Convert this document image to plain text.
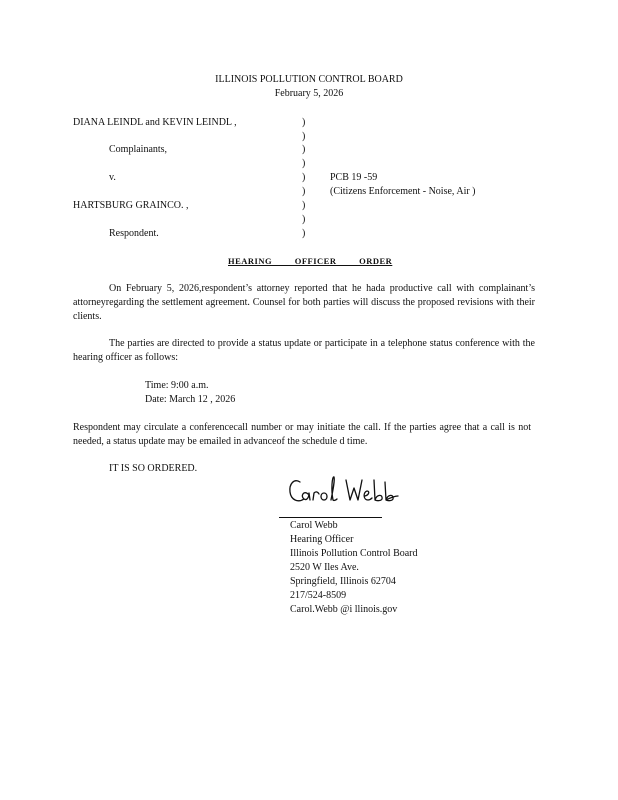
ILLINOIS POLLUTION CONTROL BOARD
February 5, 2026
DIANA LEINDL and KEVIN LEINDL ,
Complainants,
v.
HARTSBURG GRAINCO. ,
Respondent.
)
)
)
)
)
)
)
)
)
PCB 19 -59
(Citizens Enforcement - Noise, Air )
HEARING OFFICER ORDER
On February 5, 2026,respondent’s attorney reported that he hada productive call with complainant’s attorneyregarding the settlement agreement. Counsel for both parties will discuss the proposed revisions with their clients.
The parties are directed to provide a status update or participate in a telephone status conference with the hearing officer as follows:
Time: 9:00 a.m.
Date: March 12 , 2026
Respondent may circulate a conferencecall number or may initiate the call. If the parties agree that a call is not needed, a status update may be emailed in advanceof the schedule d time.
IT IS SO ORDERED.
Carol Webb
Hearing Officer
Illinois Pollution Control Board
2520 W Iles Ave.
Springfield, Illinois 62704
217/524-8509
Carol.Webb @i llinois.gov
